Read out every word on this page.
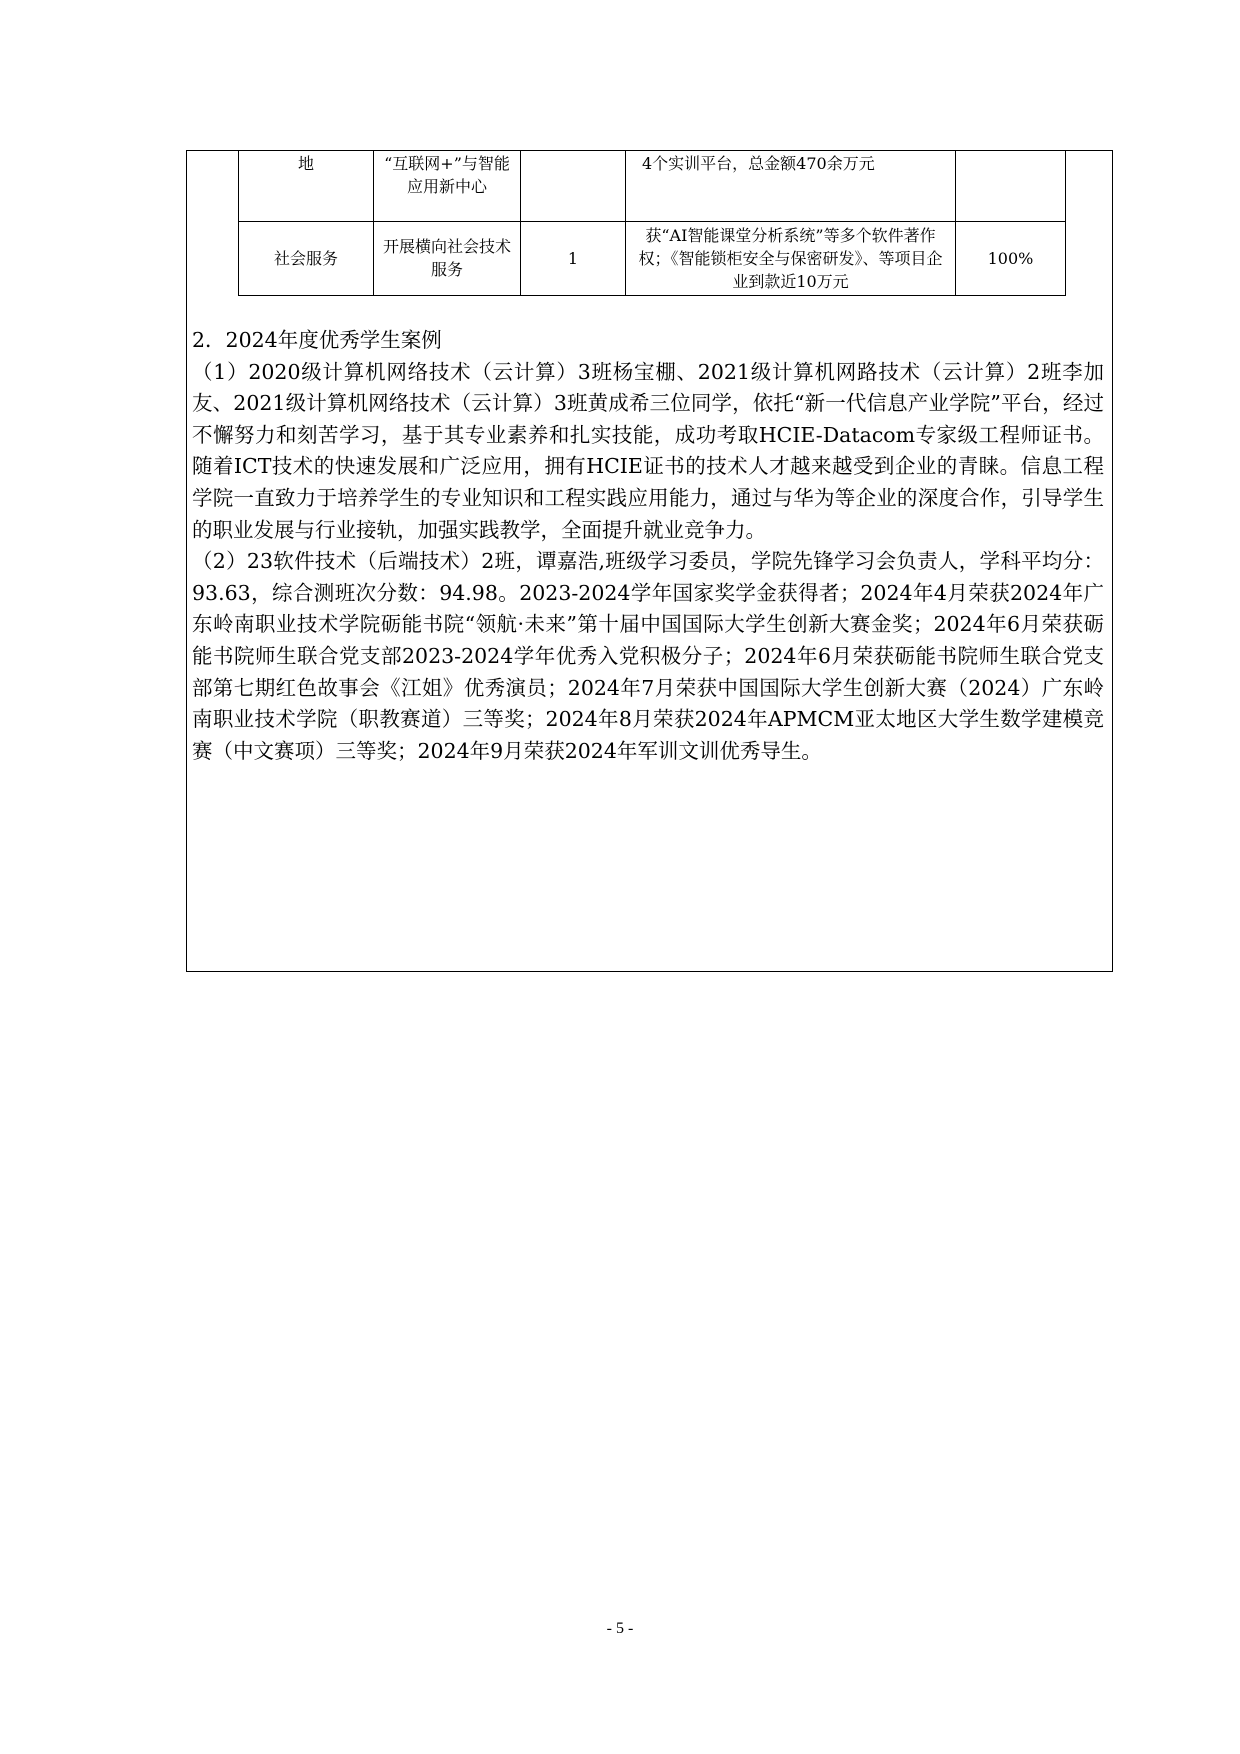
地	“互联网+”与智能应用新中心		4个实训平台，总金额470余万元	
社会服务	开展横向社会技术服务	1	获“AI智能课堂分析系统”等多个软件著作权；《智能锁柜安全与保密研发》、等项目企业到款近10万元	100%

2．2024年度优秀学生案例

（1）2020级计算机网络技术（云计算）3班杨宝棚、2021级计算机网路技术（云计算）2班李加友、2021级计算机网络技术（云计算）3班黄成希三位同学，依托“新一代信息产业学院”平台，经过不懈努力和刻苦学习，基于其专业素养和扎实技能，成功考取HCIE-Datacom专家级工程师证书。随着ICT技术的快速发展和广泛应用，拥有HCIE证书的技术人才越来越受到企业的青睐。信息工程学院一直致力于培养学生的专业知识和工程实践应用能力，通过与华为等企业的深度合作，引导学生的职业发展与行业接轨，加强实践教学，全面提升就业竞争力。

（2）23软件技术（后端技术）2班，谭嘉浩,班级学习委员，学院先锋学习会负责人，学科平均分：93.63，综合测班次分数：94.98。2023-2024学年国家奖学金获得者；2024年4月荣获2024年广东岭南职业技术学院砺能书院“领航·未来”第十届中国国际大学生创新大赛金奖；2024年6月荣获砺能书院师生联合党支部2023-2024学年优秀入党积极分子；2024年6月荣获砺能书院师生联合党支部第七期红色故事会《江姐》优秀演员；2024年7月荣获中国国际大学生创新大赛（2024）广东岭南职业技术学院（职教赛道）三等奖；2024年8月荣获2024年APMCM亚太地区大学生数学建模竞赛（中文赛项）三等奖；2024年9月荣获2024年军训文训优秀导生。

- 5 -
